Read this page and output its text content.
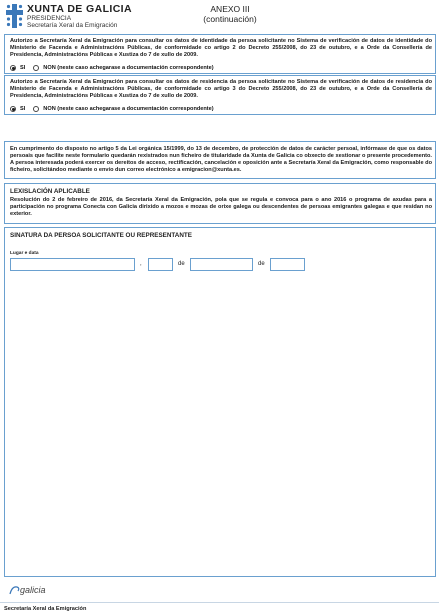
XUNTA DE GALICIA
PRESIDENCIA
Secretaría Xeral da Emigración
ANEXO III
(continuación)
Autorizo a Secretaría Xeral da Emigración para consultar os datos de identidade da persoa solicitante no Sistema de verificación de datos de identidade do Ministerio de Facenda e Administracións Públicas, de conformidade co artigo 2 do Decreto 255/2008, do 23 de outubro, e a Orde da Consellería de Presidencia, Administracións Públicas e Xustiza do 7 de xullo de 2009.
SI	NON (neste caso achegarase a documentación correspondente)
Autorizo a Secretaría Xeral da Emigración para consultar os datos de residencia da persoa solicitante no Sistema de verificación de datos de residencia do Ministerio de Facenda e Administracións Públicas, de conformidade co artigo 3 do Decreto 255/2008, do 23 de outubro, e a Orde da Consellería de Presidencia, Administracións Públicas e Xustiza do 7 de xullo de 2009.
SI	NON (neste caso achegarase a documentación correspondente)
En cumprimento do disposto no artigo 5 da Lei orgánica 15/1999, do 13 de decembro, de protección de datos de carácter persoal, infórmase de que os datos persoais que facilite neste formulario quedarán rexistrados nun ficheiro de titularidade da Xunta de Galicia co obxecto de xestionar o presente procedemento. A persoa interesada poderá exercer os dereitos de acceso, rectificación, cancelación e oposición ante a Secretaría Xeral da Emigración, como responsable do ficheiro, solicitándoo mediante o envío dun correo electrónico a emigracion@xunta.es.
LEXISLACIÓN APLICABLE
Resolución do 2 de febreiro de 2016, da Secretaría Xeral da Emigración, pola que se regula e convoca para o ano 2016 o programa de axudas para a participación no programa Conecta con Galicia dirixido a mozos e mozas de orixe galega ou descendentes de persoas emigrantes galegas e que residan no exterior.
SINATURA DA PERSOA SOLICITANTE OU REPRESENTANTE
Lugar e data
,	de	de
galicia
Secretaría Xeral da Emigración
